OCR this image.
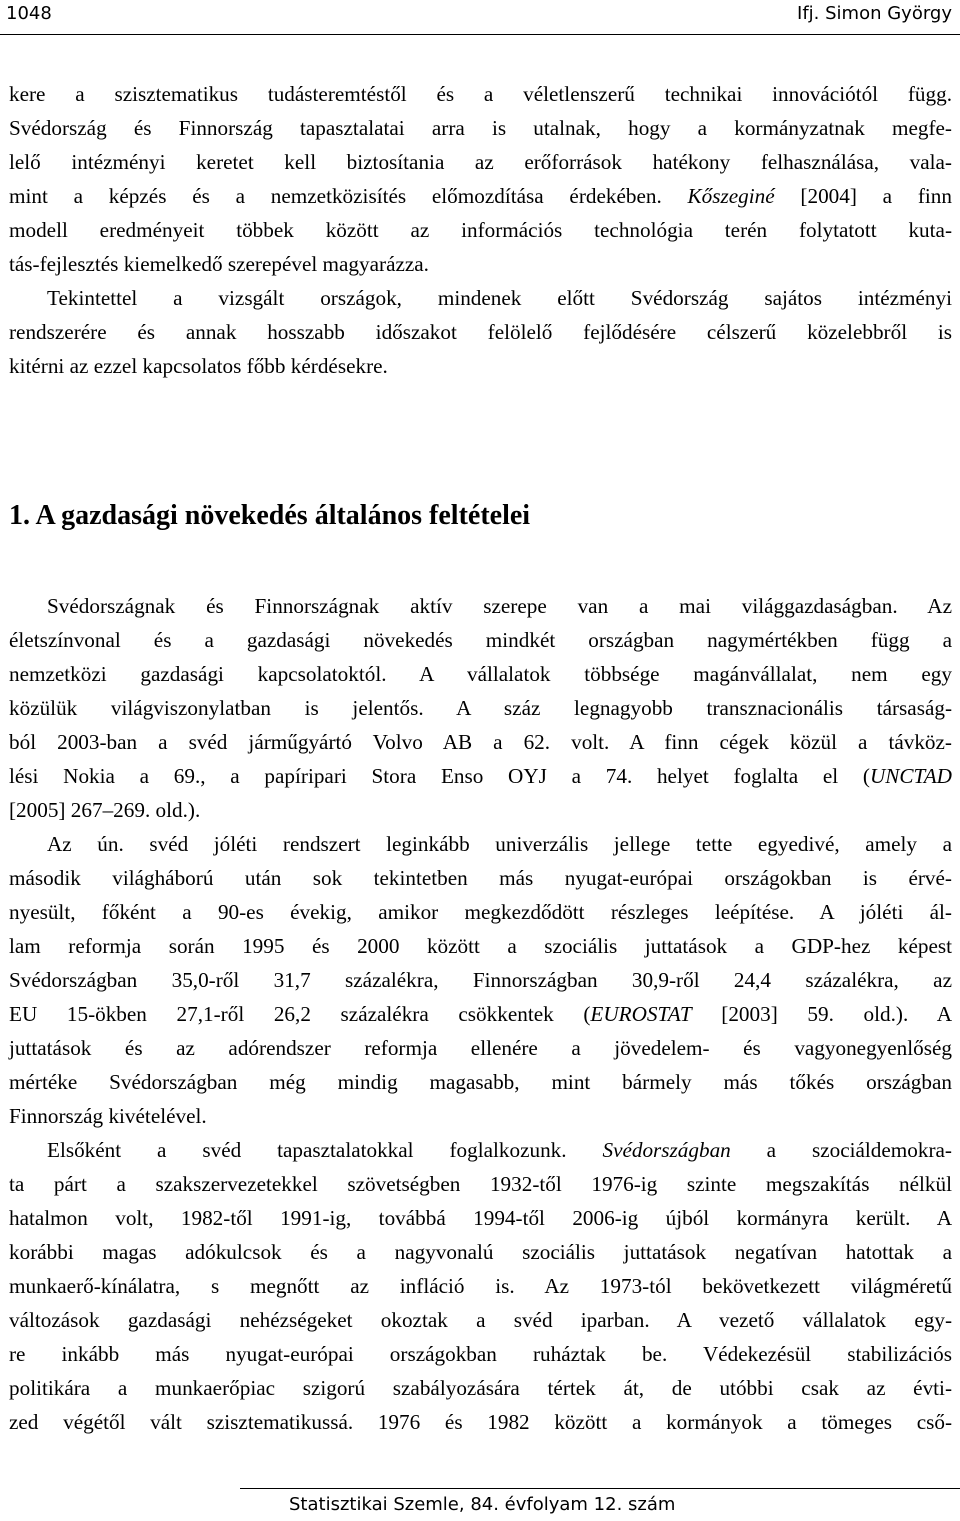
1048	Ifj. Simon György
kere a szisztematikus tudásteremtéstől és a véletlenszerű technikai innovációtól függ.
Svédország és Finnország tapasztalatai arra is utalnak, hogy a kormányzatnak megfe-
lelő intézményi keretet kell biztosítania az erőforrások hatékony felhasználása, vala-
mint a képzés és a nemzetközisítés előmozdítása érdekében. Kőszeginé [2004] a finn
modell eredményeit többek között az információs technológia terén folytatott kuta-
tás-fejlesztés kiemelkedő szerepével magyarázza.
Tekintettel a vizsgált országok, mindenek előtt Svédország sajátos intézményi
rendszerére és annak hosszabb időszakot felölelő fejlődésére célszerű közelebbről is
kitérni az ezzel kapcsolatos főbb kérdésekre.
1. A gazdasági növekedés általános feltételei
Svédországnak és Finnországnak aktív szerepe van a mai világgazdaságban. Az
életszínvonal és a gazdasági növekedés mindkét országban nagymértékben függ a
nemzetközi gazdasági kapcsolatoktól. A vállalatok többsége magánvállalat, nem egy
közülük világviszonylatban is jelentős. A száz legnagyobb transznacionális társaság-
ból 2003-ban a svéd járműgyártó Volvo AB a 62. volt. A finn cégek közül a távköz-
lési Nokia a 69., a papíripari Stora Enso OYJ a 74. helyet foglalta el (UNCTAD
[2005] 267–269. old.).
Az ún. svéd jóléti rendszert leginkább univerzális jellege tette egyedivé, amely a
második világháború után sok tekintetben más nyugat-európai országokban is érvé-
nyesült, főként a 90-es évekig, amikor megkezdődött részleges leépítése. A jóléti ál-
lam reformja során 1995 és 2000 között a szociális juttatások a GDP-hez képest
Svédországban 35,0-ről 31,7 százalékra, Finnországban 30,9-ről 24,4 százalékra, az
EU 15-ökben 27,1-ről 26,2 százalékra csökkentek (EUROSTAT [2003] 59. old.). A
juttatások és az adórendszer reformja ellenére a jövedelem- és vagyonegyenlőség
mértéke Svédországban még mindig magasabb, mint bármely más tőkés országban
Finnország kivételével.
Elsőként a svéd tapasztalatokkal foglalkozunk. Svédországban a szociáldemokra-
ta párt a szakszervezetekkel szövetségben 1932-től 1976-ig szinte megszakítás nélkül
hatalmon volt, 1982-től 1991-ig, továbbá 1994-től 2006-ig újból kormányra került. A
korábbi magas adókulcsok és a nagyvonalú szociális juttatások negatívan hatottak a
munkaerő-kínálatra, s megnőtt az infláció is. Az 1973-tól bekövetkezett világméretű
változások gazdasági nehézségeket okoztak a svéd iparban. A vezető vállalatok egy-
re inkább más nyugat-európai országokban ruháztak be. Védekezésül stabilizációs
politikára a munkaerőpiac szigorú szabályozására tértek át, de utóbbi csak az évti-
zed végétől vált szisztematikussá. 1976 és 1982 között a kormányok a tömeges cső-
Statisztikai Szemle, 84. évfolyam 12. szám
